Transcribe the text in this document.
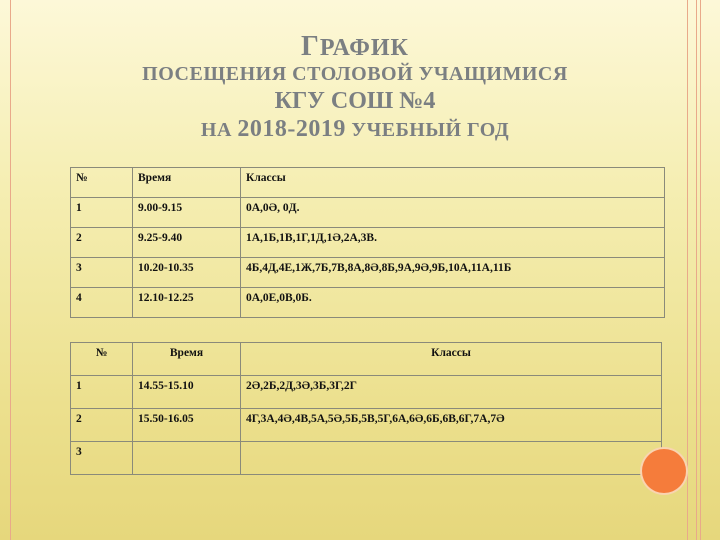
ГРАФИК
ПОСЕЩЕНИЯ СТОЛОВОЙ УЧАЩИМИСЯ
КГУ СОШ №4
НА 2018-2019 УЧЕБНЫЙ ГОД
№	Время	Классы
1	9.00-9.15	0А,0Ә, 0Д.
2	9.25-9.40	1А,1Б,1В,1Г,1Д,1Ә,2А,3В.
3	10.20-10.35	4Б,4Д,4Е,1Ж,7Б,7В,8А,8Ә,8Б,9А,9Ә,9Б,10А,11А,11Б
4	12.10-12.25	0А,0Е,0В,0Б.
№	Время	Классы
1	14.55-15.10	2Ә,2Б,2Д,3Ә,3Б,3Г,2Г
2	15.50-16.05	4Г,3А,4Ә,4В,5А,5Ә,5Б,5В,5Г,6А,6Ә,6Б,6В,6Г,7А,7Ә
3		
